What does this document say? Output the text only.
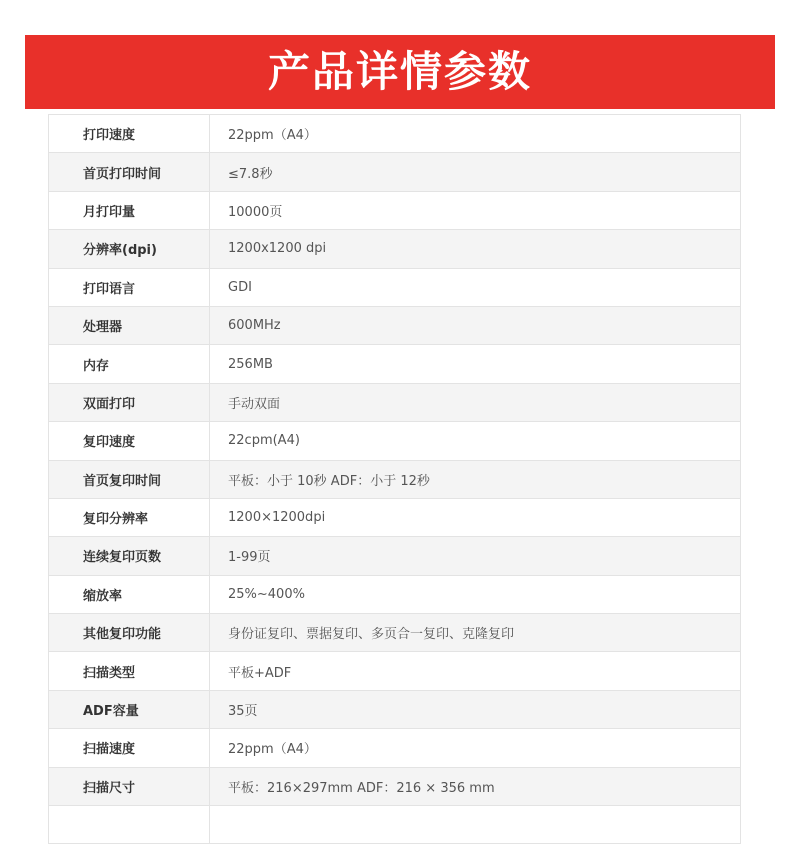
产品详情参数
打印速度	22ppm（A4）
首页打印时间	≤7.8秒
月打印量	10000页
分辨率(dpi)	1200x1200 dpi
打印语言	GDI
处理器	600MHz
内存	256MB
双面打印	手动双面
复印速度	22cpm(A4)
首页复印时间	平板：小于 10秒 ADF：小于 12秒
复印分辨率	1200×1200dpi
连续复印页数	1-99页
缩放率	25%~400%
其他复印功能	身份证复印、票据复印、多页合一复印、克隆复印
扫描类型	平板+ADF
ADF容量	35页
扫描速度	22ppm（A4）
扫描尺寸	平板：216×297mm ADF：216 × 356 mm
